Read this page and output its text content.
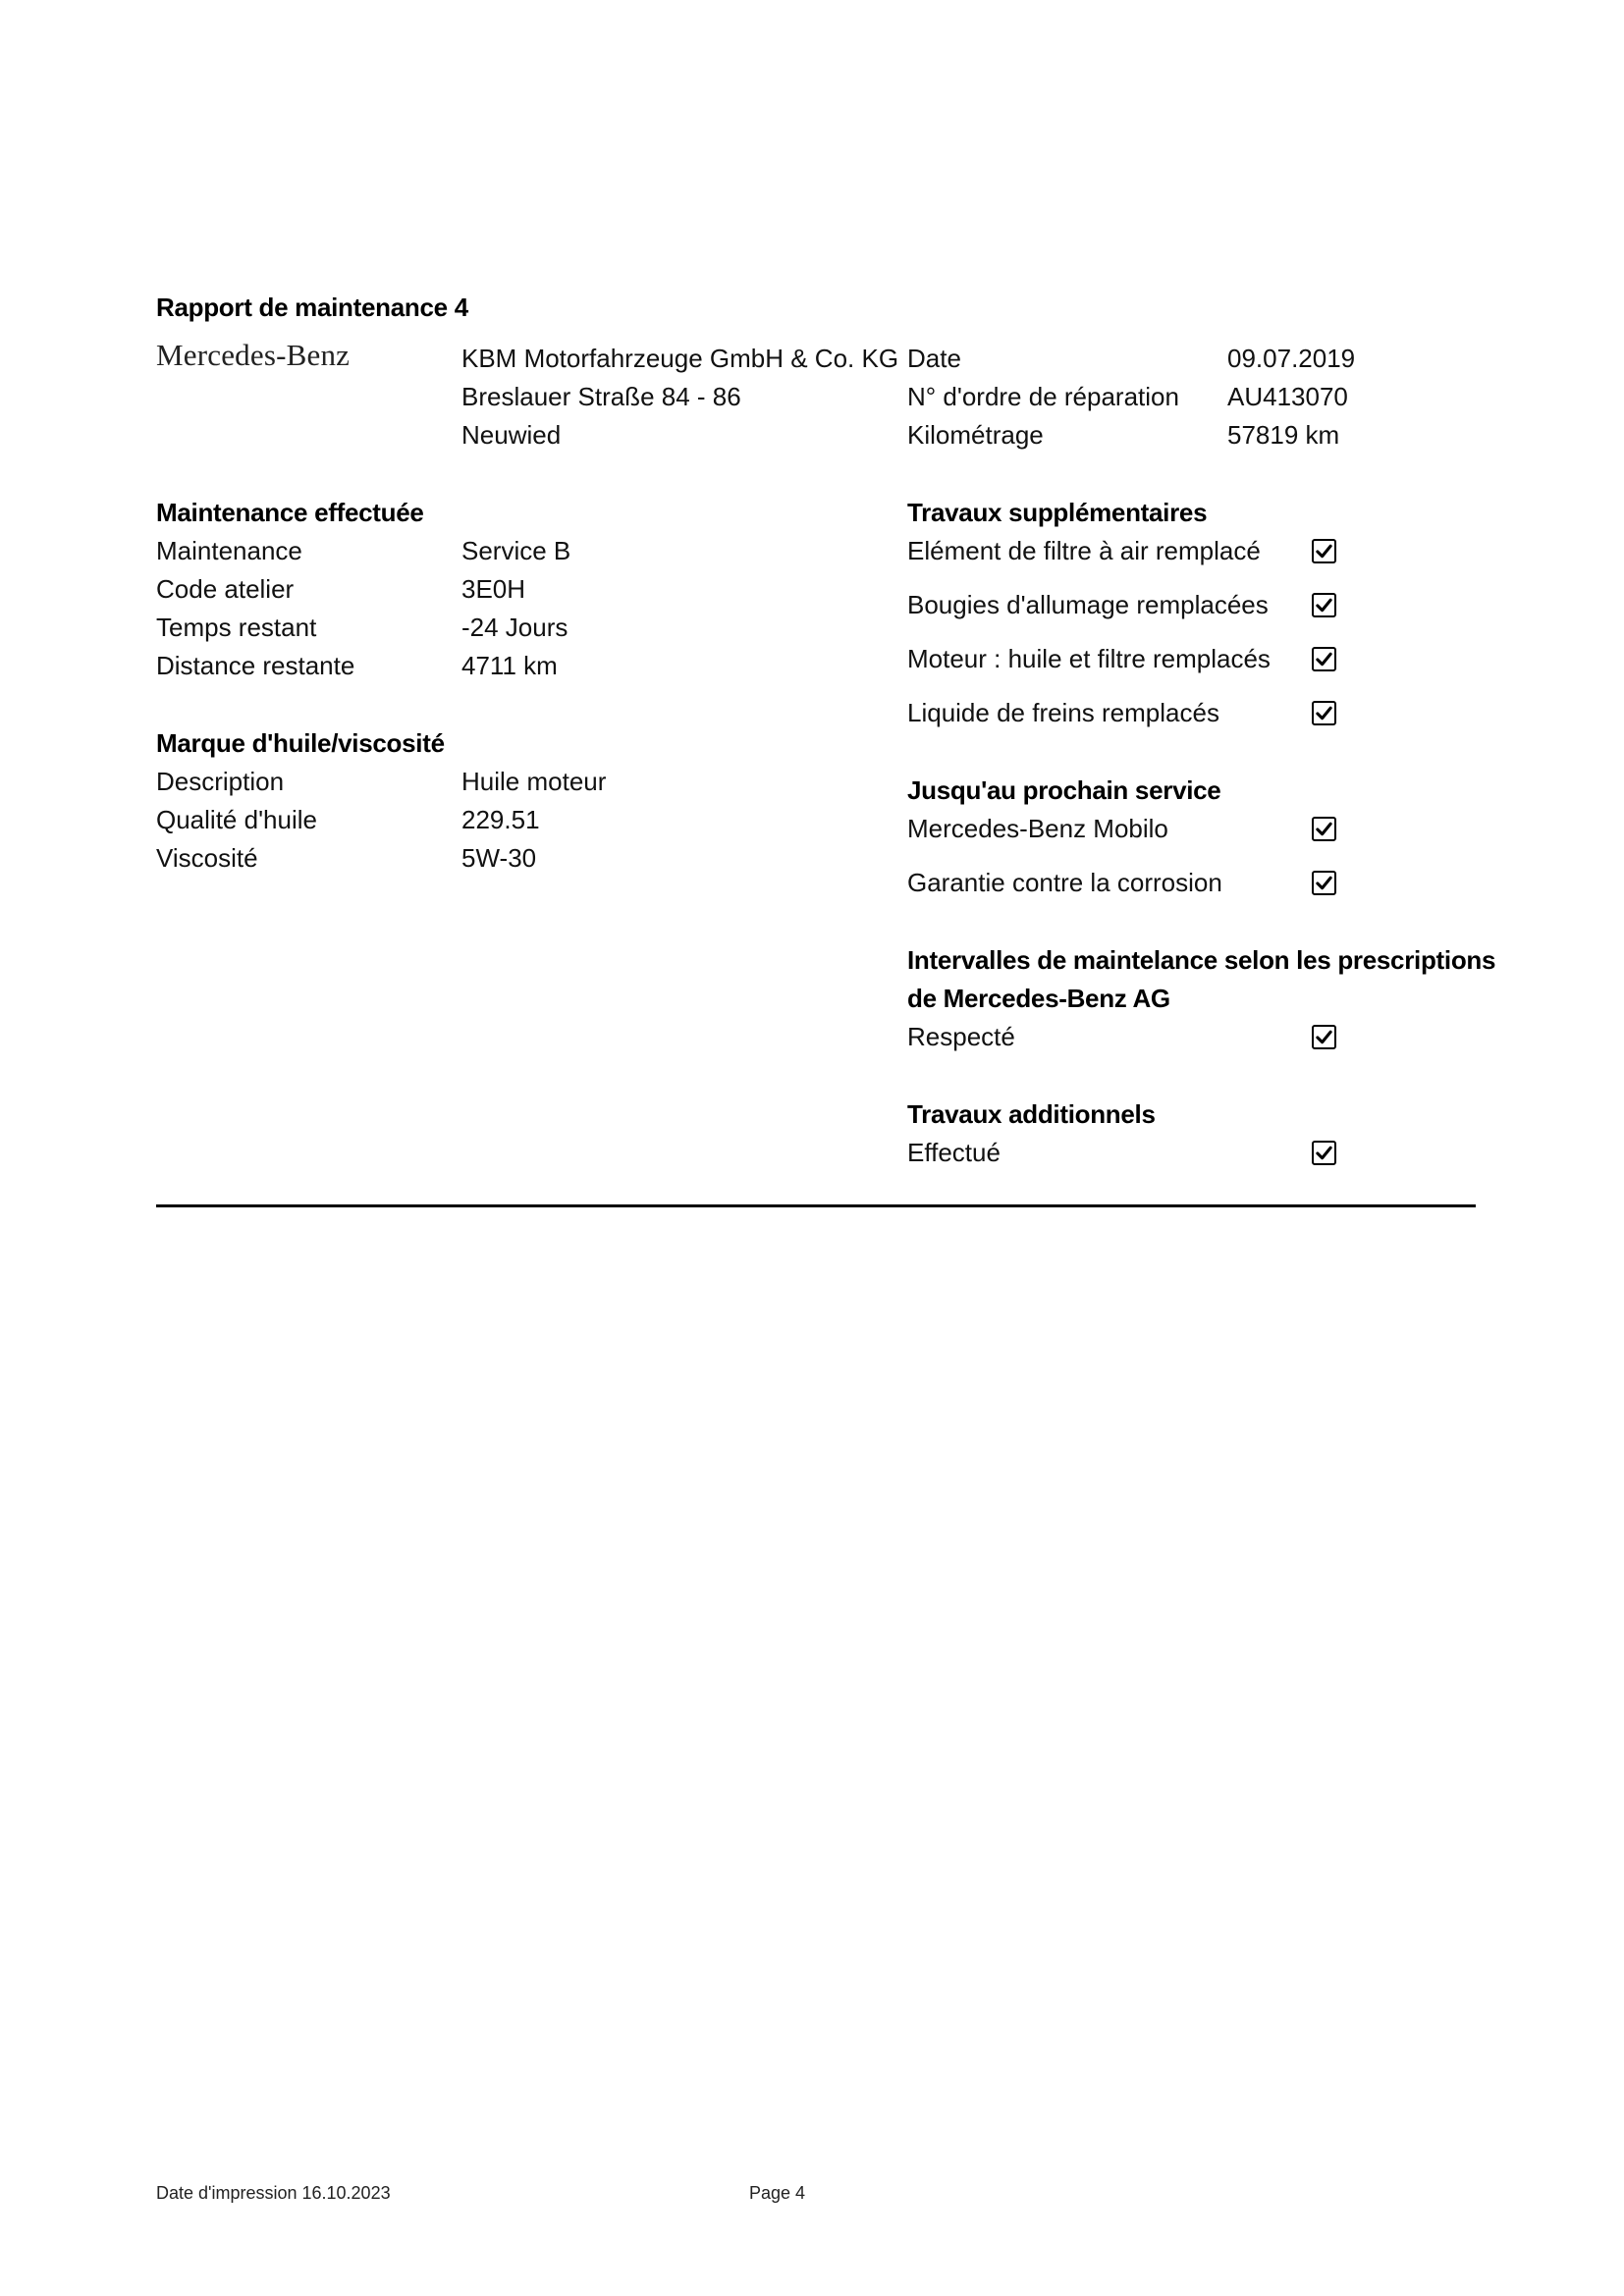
Rapport de maintenance 4
Mercedes-Benz	KBM Motorfahrzeuge GmbH & Co. KG
Breslauer Straße 84 - 86
Neuwied
Date	09.07.2019
N° d'ordre de réparation AU413070
Kilométrage	57819 km
Maintenance effectuée
Maintenance	Service B
Code atelier	3E0H
Temps restant	-24 Jours
Distance restante	4711 km
Marque d'huile/viscosité
Description	Huile moteur
Qualité d'huile	229.51
Viscosité	5W-30
Travaux supplémentaires
Elément de filtre à air remplacé
Bougies d'allumage remplacées
Moteur : huile et filtre remplacés
Liquide de freins remplacés
Jusqu'au prochain service
Mercedes-Benz Mobilo
Garantie contre la corrosion
Intervalles de maintelance selon les prescriptions
de Mercedes-Benz AG
Respecté
Travaux additionnels
Effectué
Date d'impression 16.10.2023	Page 4
